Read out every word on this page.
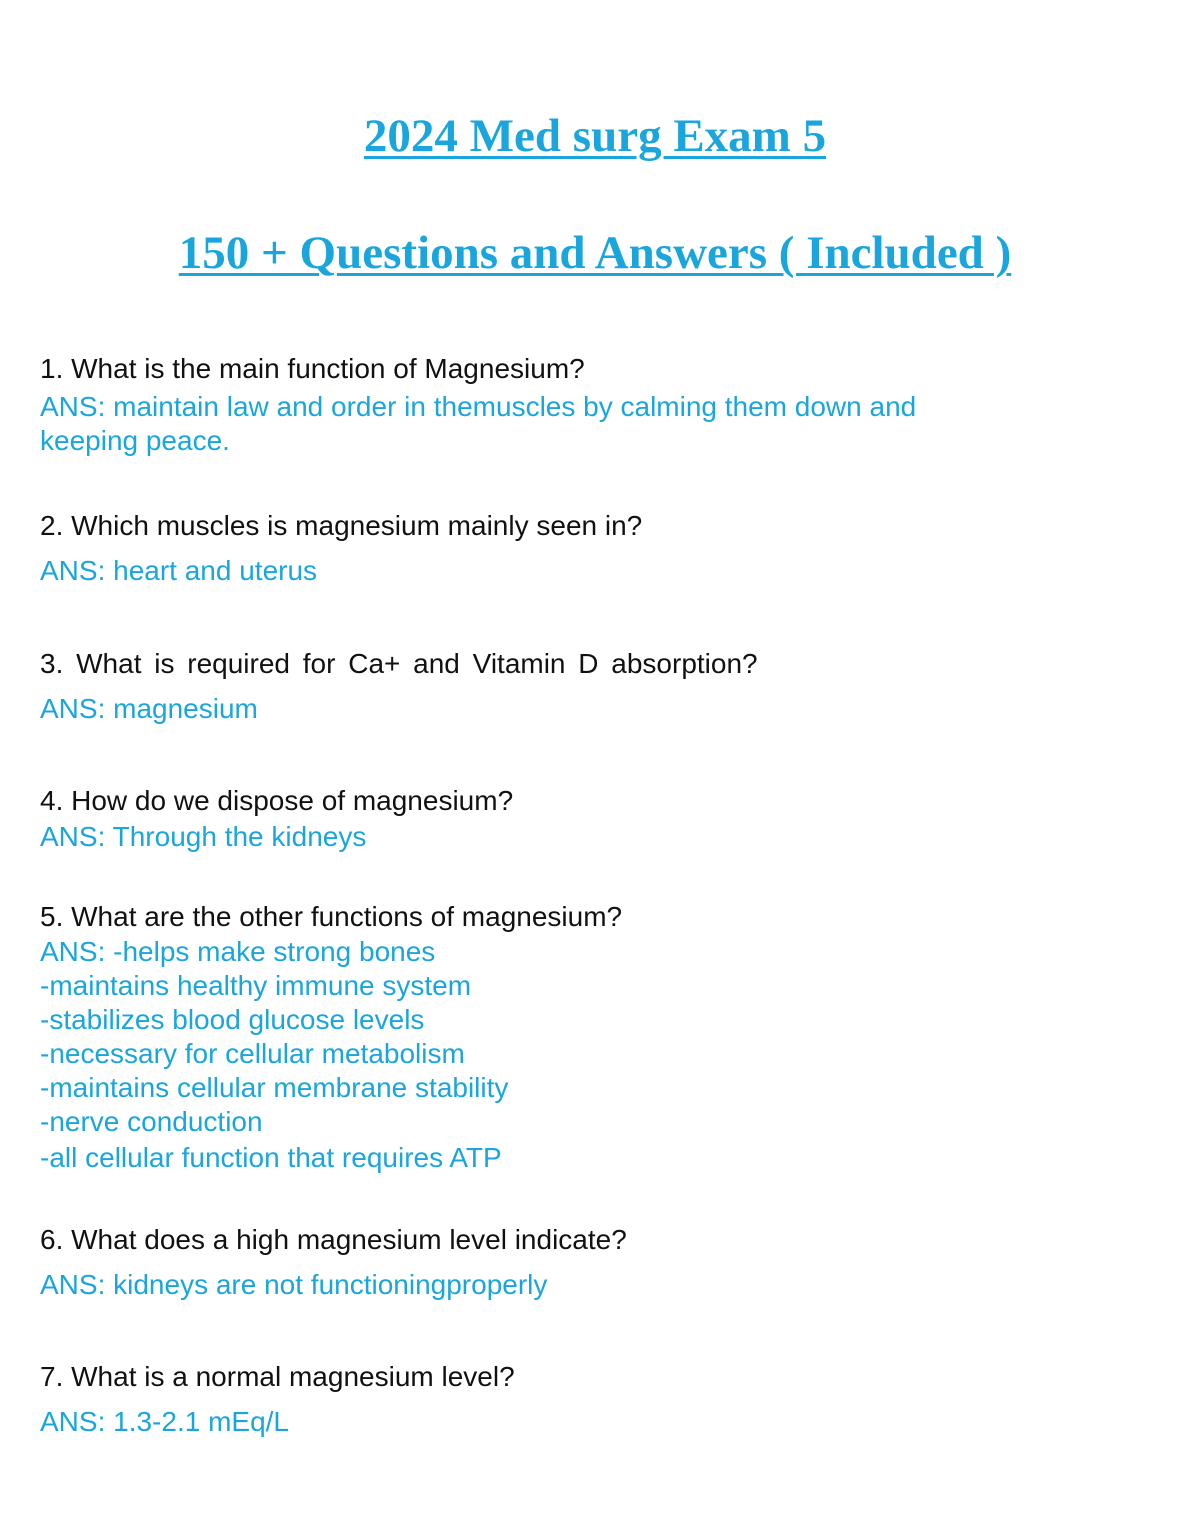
2024 Med surg Exam 5
150 + Questions and Answers ( Included )

1. What is the main function of Magnesium?

ANS: maintain law and order in themuscles by calming them down and

keeping peace.

2. Which muscles is magnesium mainly seen in?

ANS: heart and uterus

3. What is required for Ca+ and Vitamin D absorption?

ANS: magnesium

4. How do we dispose of magnesium?

ANS: Through the kidneys

5. What are the other functions of magnesium?

ANS: -helps make strong bones

-maintains healthy immune system

-stabilizes blood glucose levels

-necessary for cellular metabolism

-maintains cellular membrane stability

-nerve conduction

-all cellular function that requires ATP

6. What does a high magnesium level indicate?

ANS: kidneys are not functioningproperly

7. What is a normal magnesium level?

ANS: 1.3-2.1 mEq/L
